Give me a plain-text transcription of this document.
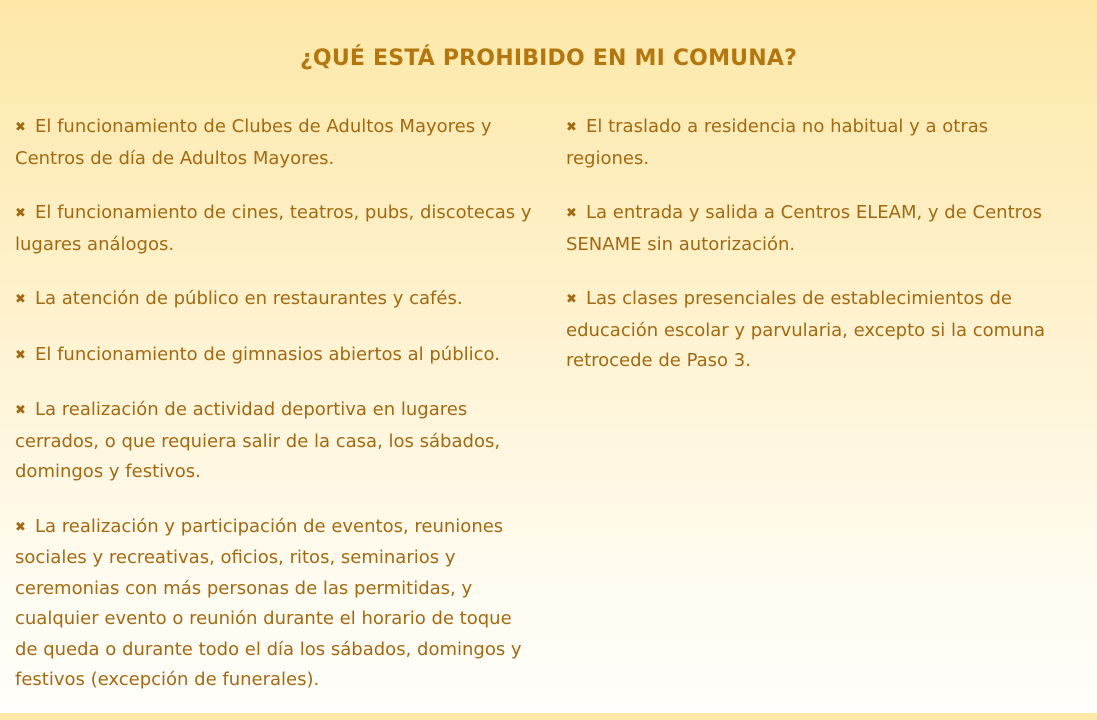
¿QUÉ ESTÁ PROHIBIDO EN MI COMUNA?

✖ El funcionamiento de Clubes de Adultos Mayores y Centros de día de Adultos Mayores.

✖ El funcionamiento de cines, teatros, pubs, discotecas y lugares análogos.

✖ La atención de público en restaurantes y cafés.

✖ El funcionamiento de gimnasios abiertos al público.

✖ La realización de actividad deportiva en lugares cerrados, o que requiera salir de la casa, los sábados, domingos y festivos.

✖ La realización y participación de eventos, reuniones sociales y recreativas, oficios, ritos, seminarios y ceremonias con más personas de las permitidas, y cualquier evento o reunión durante el horario de toque de queda o durante todo el día los sábados, domingos y festivos (excepción de funerales).

✖ El traslado a residencia no habitual y a otras regiones.

✖ La entrada y salida a Centros ELEAM, y de Centros SENAME sin autorización.

✖ Las clases presenciales de establecimientos de educación escolar y parvularia, excepto si la comuna retrocede de Paso 3.
